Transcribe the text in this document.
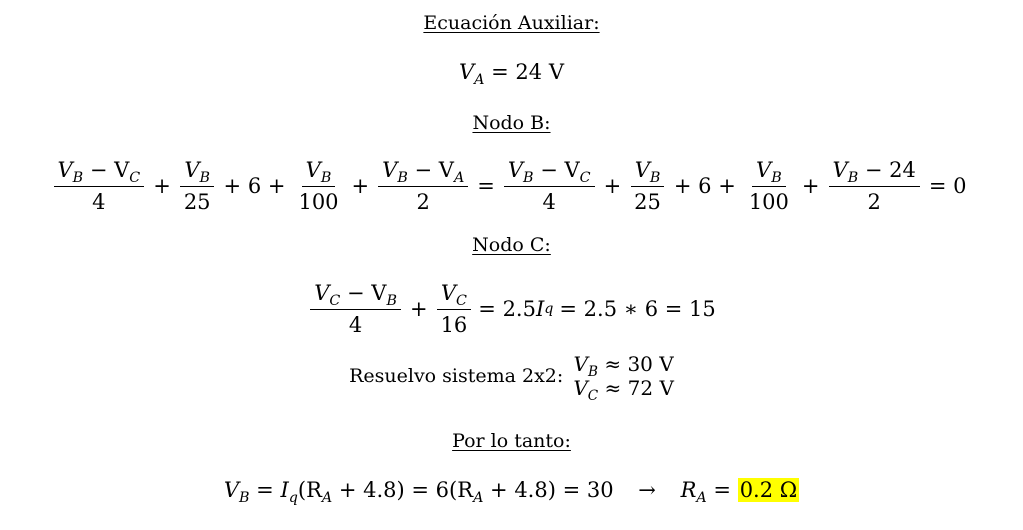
Ecuación Auxiliar:
$V_A = 24$ V
Nodo B:
$\frac{V_B - V_C}{4} + \frac{V_B}{25} + 6 + \frac{V_B}{100} + \frac{V_B - V_A}{2} = \frac{V_B - V_C}{4} + \frac{V_B}{25} + 6 + \frac{V_B}{100} + \frac{V_B - 24}{2} = 0$
Nodo C:
$\frac{V_C - V_B}{4} + \frac{V_C}{16} = 2.5$ I q = 2.5 ∗ 6 = 15
Resuelvo sistema 2x2: $V_B \approx 30$ V
$V_C \approx 72$ V
Por lo tanto:
$V_B = I_q(R_A + 4.8) = 6(R_A + 4.8) = 30 \to R_A = 0.2$ Ω
